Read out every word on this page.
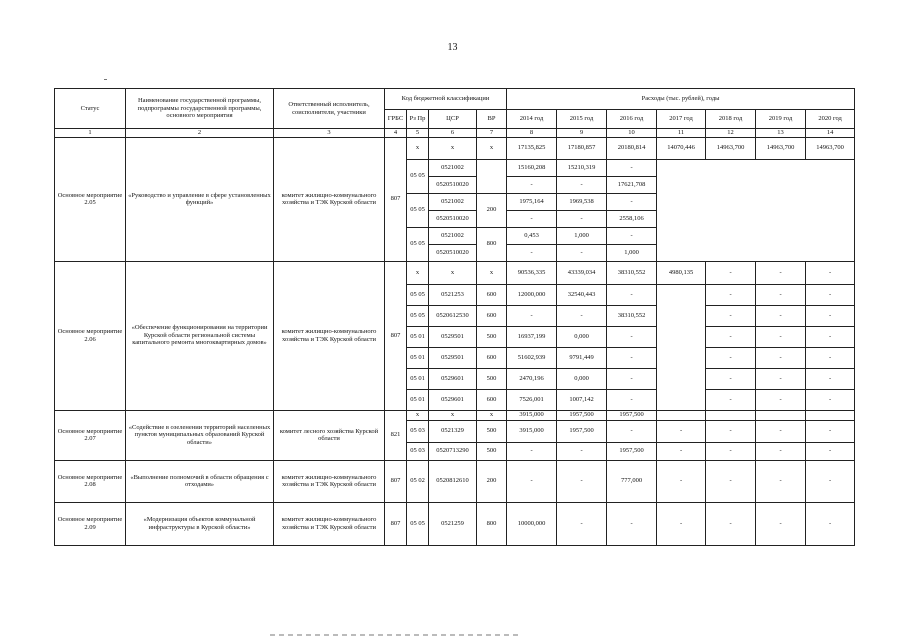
13
Статус	Наименование государственной программы, подпрограммы государственной программы, основного мероприятия	Ответственный исполнитель, соисполнители, участники	Код бюджетной классификации				Расходы (тыс. рублей), годы						
			ГРБС	Рз Пр	ЦСР	ВР	2014 год	2015 год	2016 год	2017 год	2018 год	2019 год	2020 год
1	2	3	4	5	6	7	8	9	10	11	12	13	14
Основное мероприятие 2.05	«Руководство и управление в сфере установленных функций»	комитет жилищно-коммунального хозяйства и ТЭК Курской области	807	х	х	х	17135,825	17180,857	20180,814	14070,446	14963,700	14963,700	14963,700
				05 05	0521002		15160,208	15210,319	-				
					0520510020		-	-	17621,708				
				05 05	0521002	200	1975,164	1969,538	-				
					0520510020		-	-	2558,106				
				05 05	0521002	800	0,453	1,000	-				
					0520510020		-	-	1,000				
Основное мероприятие 2.06	«Обеспечение функционирования на территории Курской области региональной системы капитального ремонта многоквартирных домов»	комитет жилищно-коммунального хозяйства и ТЭК Курской области	807	х	х	х	90536,335	43339,034	38310,552	4980,135	-	-	-
				05 05	0521253	600	12000,000	32540,443	-		-	-	-
				05 05	0520612530	600	-	-	38310,552		-	-	-
				05 01	0529501	500	16937,199	0,000	-		-	-	-
				05 01	0529501	600	51602,939	9791,449	-		-	-	-
				05 01	0529601	500	2470,196	0,000	-		-	-	-
				05 01	0529601	600	7526,001	1007,142	-		-	-	-
Основное мероприятие 2.07	«Содействие в озеленении территорий населенных пунктов муниципальных образований Курской области»	комитет лесного хозяйства Курской области	821	х	х	х	3915,000	1957,500	1957,500				
				05 03	0521329	500	3915,000	1957,500	-	-	-	-	-
				05 03	0520713290	500	-	-	1957,500	-	-	-	-
Основное мероприятие 2.08	«Выполнение полномочий в области обращения с отходами»	комитет жилищно-коммунального хозяйства и ТЭК Курской области	807	05 02	0520812610	200	-	-	777,000	-	-	-	-
Основное мероприятие 2.09	«Модернизация объектов коммунальной инфраструктуры в Курской области»	комитет жилищно-коммунального хозяйства и ТЭК Курской области	807	05 05	0521259	800	10000,000	-	-	-	-	-	-
